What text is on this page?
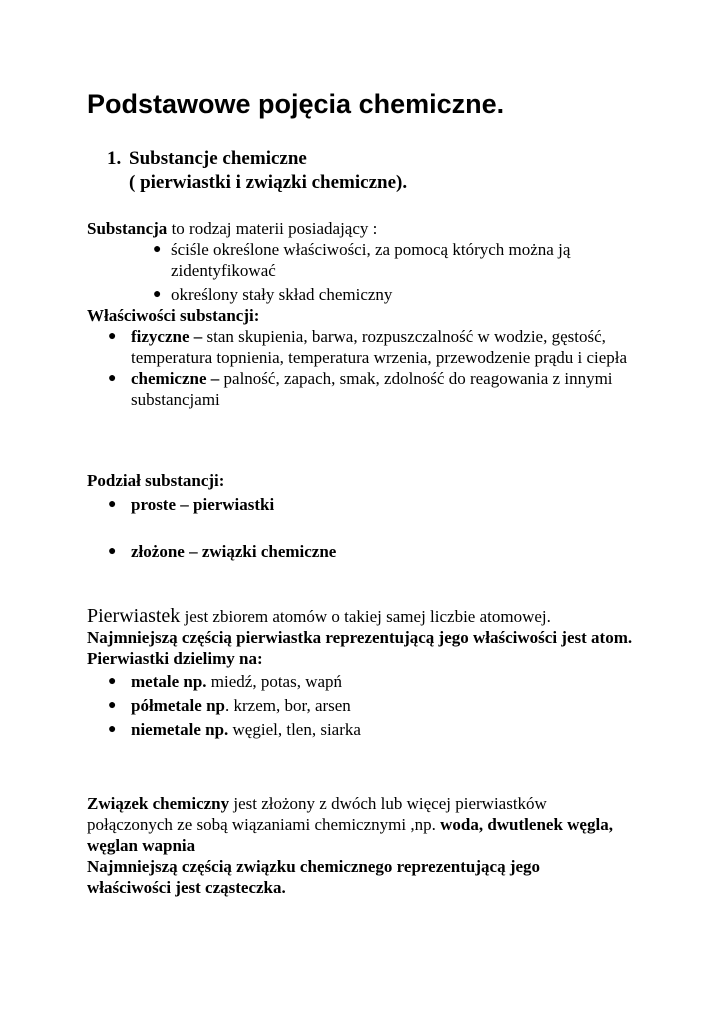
Podstawowe pojęcia chemiczne.
1. Substancje chemiczne
( pierwiastki i związki chemiczne).
Substancja to rodzaj materii posiadający :
● ściśle określone właściwości, za pomocą których można ją zidentyfikować
● określony stały skład chemiczny
Właściwości substancji:
● fizyczne – stan skupienia, barwa, rozpuszczalność w wodzie, gęstość, temperatura topnienia, temperatura wrzenia, przewodzenie prądu i ciepła
● chemiczne – palność, zapach, smak, zdolność do reagowania z innymi substancjami
Podział substancji:
● proste – pierwiastki
● złożone – związki chemiczne
Pierwiastek jest zbiorem atomów o takiej samej liczbie atomowej.
Najmniejszą częścią pierwiastka reprezentującą jego właściwości jest atom.
Pierwiastki dzielimy na:
● metale np. miedź, potas, wapń
● półmetale np. krzem, bor, arsen
● niemetale np. węgiel, tlen, siarka
Związek chemiczny jest złożony z dwóch lub więcej pierwiastków połączonych ze sobą wiązaniami chemicznymi ,np. woda, dwutlenek węgla, węglan wapnia
Najmniejszą częścią związku chemicznego reprezentującą jego właściwości jest cząsteczka.
